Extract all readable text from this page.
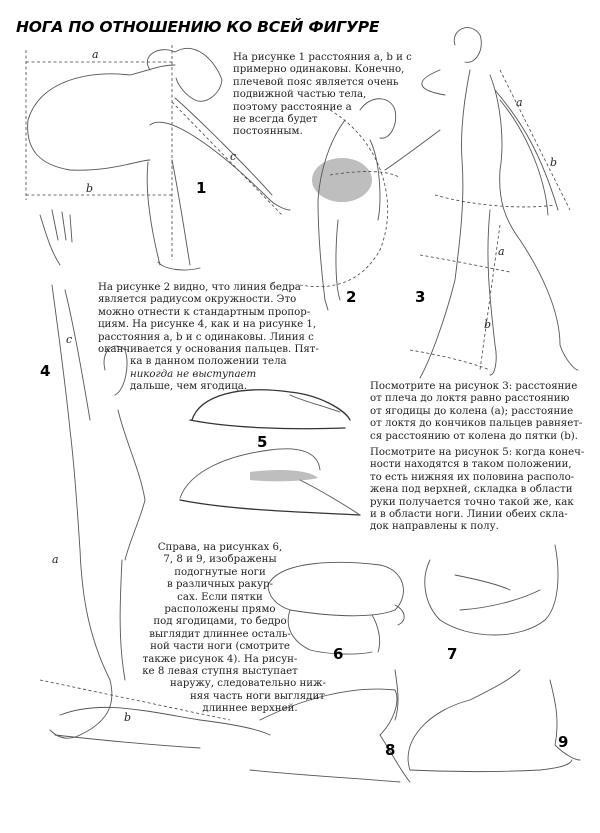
НОГА ПО ОТНОШЕНИЮ КО ВСЕЙ ФИГУРЕ
a
b
c
a
b
a
b
c
a
b
1
2	3
4
5
6	7
8	9
На рисунке 1 расстояния a, b и c
примерно одинаковы. Конечно,
плечевой пояс является очень
подвижной частью тела,
поэтому расстояние a
не всегда будет
постоянным.
На рисунке 2 видно, что линия бедра
является радиусом окружности. Это
можно отнести к стандартным пропор-
циям. На рисунке 4, как и на рисунке 1,
расстояния a, b и c одинаковы. Линия c
оканчивается у основания пальцев. Пят-
ка в данном положении тела
никогда не выступает
дальше, чем ягодица.	Посмотрите на рисунок 3: расстояние
от плеча до локтя равно расстоянию
от ягодицы до колена (a); расстояние
от локтя до кончиков пальцев равняет-
ся расстоянию от колена до пятки (b).
Посмотрите на рисунок 5: когда конеч-
ности находятся в таком положении,
то есть нижняя их половина располо-
жена под верхней, складка в области
руки получается точно такой же, как
и в области ноги. Линии обеих скла-
док направлены к полу.
Справа, на рисунках 6,
7, 8 и 9, изображены
подогнутые ноги
в различных ракур-
сах. Если пятки
расположены прямо
под ягодицами, то бедро
выглядит длиннее осталь-
ной части ноги (смотрите
также рисунок 4). На рисун-
ке 8 левая ступня выступает
наружу, следовательно ниж-
няя часть ноги выглядит
длиннее верхней.
